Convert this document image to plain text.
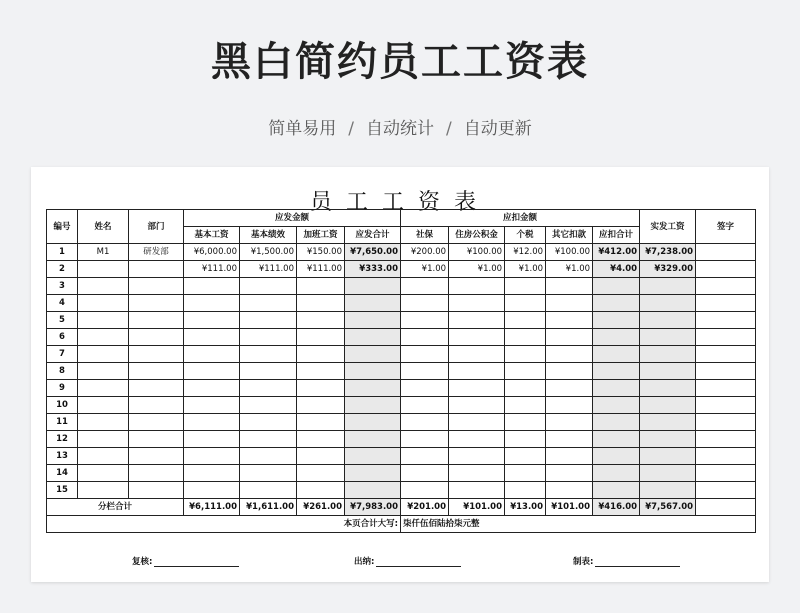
黑白简约员工工资表
简单易用 / 自动统计 / 自动更新
员工工资表
编号	姓名	部门	应发金额				应扣金额					实发工资	签字
			基本工资	基本绩效	加班工资	应发合计	社保	住房公积金	个税	其它扣款	应扣合计		
1	M1	研发部	¥6,000.00	¥1,500.00	¥150.00	¥7,650.00	¥200.00	¥100.00	¥12.00	¥100.00	¥412.00	¥7,238.00	
2			¥111.00	¥111.00	¥111.00	¥333.00	¥1.00	¥1.00	¥1.00	¥1.00	¥4.00	¥329.00	
3													
4													
5													
6													
7													
8													
9													
10													
11													
12													
13													
14													
15													
分栏合计			¥6,111.00	¥1,611.00	¥261.00	¥7,983.00	¥201.00	¥101.00	¥13.00	¥101.00	¥416.00	¥7,567.00	
本页合计大写:							柒仟伍佰陆拾柒元整						
复核:	出纳:	制表:
